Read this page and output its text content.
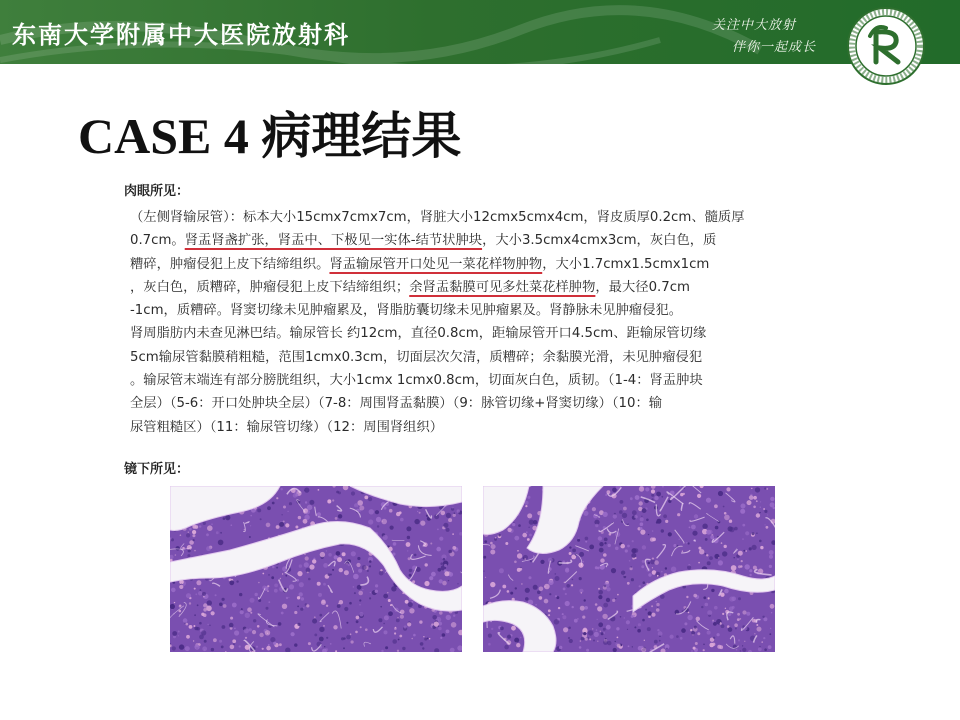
东南大学附属中大医院放射科	关注中大放射
伴你一起成长
CASE 4 病理结果
肉眼所见：
（左侧肾输尿管）：标本大小15cmx7cmx7cm，肾脏大小12cmx5cmx4cm，肾皮质厚0.2cm、髓质厚
0.7cm。肾盂肾盏扩张，肾盂中、下极见一实体-结节状肿块，大小3.5cmx4cmx3cm，灰白色，质
糟碎，肿瘤侵犯上皮下结缔组织。肾盂输尿管开口处见一菜花样物肿物，大小1.7cmx1.5cmx1cm
，灰白色，质糟碎，肿瘤侵犯上皮下结缔组织；余肾盂黏膜可见多灶菜花样肿物，最大径0.7cm
-1cm，质糟碎。肾窦切缘未见肿瘤累及，肾脂肪囊切缘未见肿瘤累及。肾静脉未见肿瘤侵犯。
肾周脂肪内未查见淋巴结。输尿管长 约12cm，直径0.8cm，距输尿管开口4.5cm、距输尿管切缘
5cm输尿管黏膜稍粗糙，范围1cmx0.3cm，切面层次欠清，质糟碎；余黏膜光滑，未见肿瘤侵犯
。输尿管末端连有部分膀胱组织，大小1cmx 1cmx0.8cm，切面灰白色，质韧。（1-4：肾盂肿块
全层）（5-6：开口处肿块全层）（7-8：周围肾盂黏膜）（9：脉管切缘+肾窦切缘）（10：输
尿管粗糙区）（11：输尿管切缘）（12：周围肾组织）
镜下所见：
